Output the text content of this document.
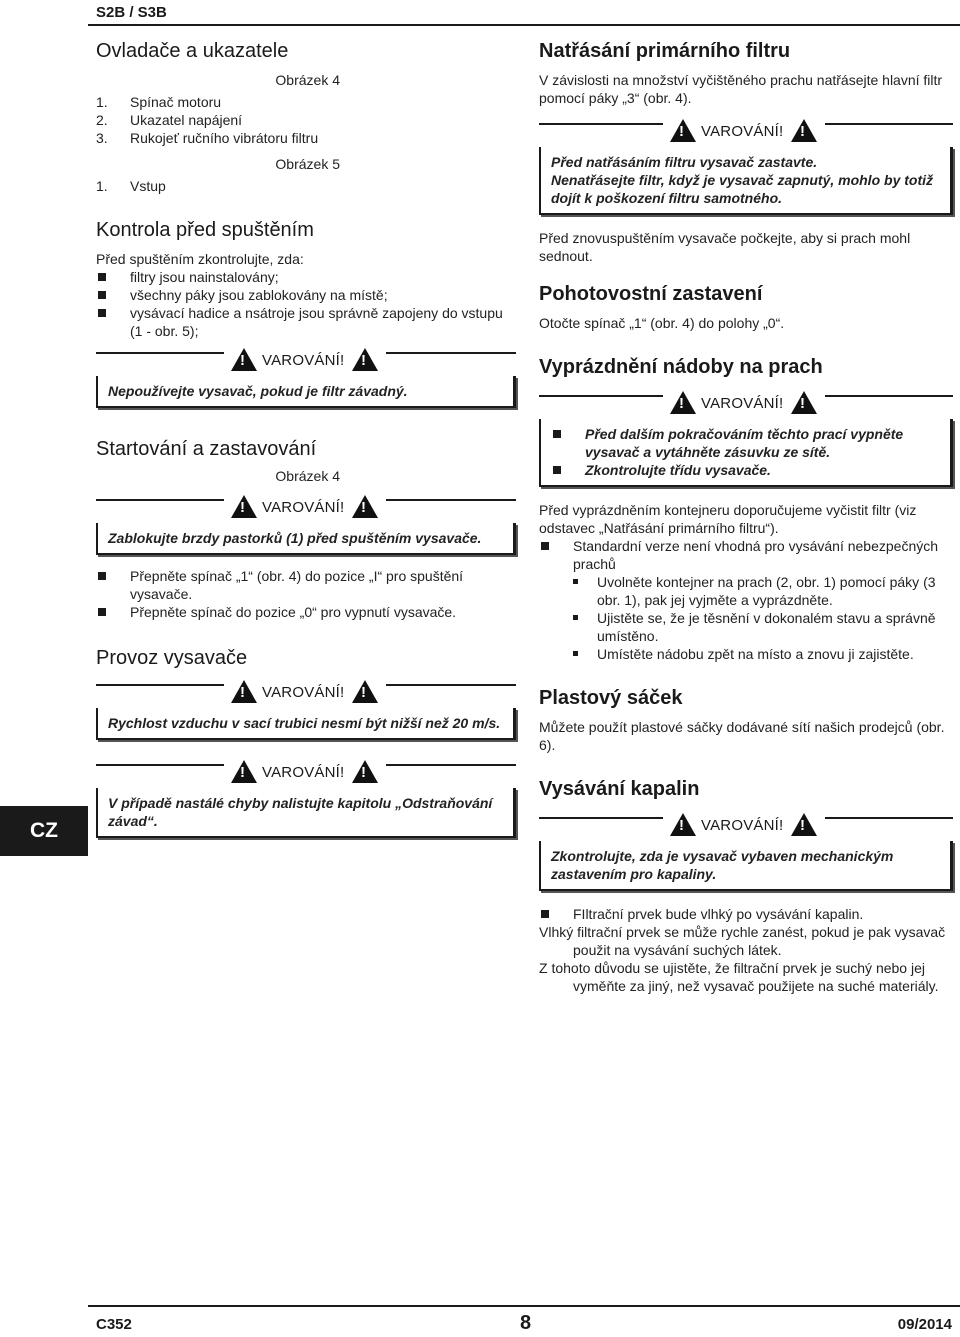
S2B / S3B
Ovladače a ukazatele
Obrázek 4
1. Spínač motoru
2. Ukazatel napájení
3. Rukojeť ručního vibrátoru filtru
Obrázek 5
1. Vstup
Kontrola před spuštěním
Před spuštěním zkontrolujte, zda:
filtry jsou nainstalovány;
všechny páky jsou zablokovány na místě;
vysávací hadice a nsátroje jsou správně zapojeny do vstupu (1 - obr. 5);
!
VAROVÁNÍ!
!
Nepoužívejte vysavač, pokud je filtr závadný.
Startování a zastavování
Obrázek 4
!
VAROVÁNÍ!
!
Zablokujte brzdy pastorků (1) před spuštěním vysavače.
Přepněte spínač „1“ (obr. 4) do pozice „I“ pro spuštění vysavače.
Přepněte spínač do pozice „0“ pro vypnutí vysavače.
Provoz vysavače
!
VAROVÁNÍ!
!
Rychlost vzduchu v sací trubici nesmí být nižší než 20 m/s.
!
VAROVÁNÍ!
!
V případě nastálé chyby nalistujte kapitolu „Odstraňování závad“.
Natřásání primárního filtru
V závislosti na množství vyčištěného prachu natřásejte hlavní filtr pomocí páky „3“ (obr. 4).
!
VAROVÁNÍ!
!
Před natřásáním filtru vysavač zastavte.
Nenatřásejte filtr, když je vysavač zapnutý, mohlo by totiž dojít k poškození filtru samotného.
Před znovuspuštěním vysavače počkejte, aby si prach mohl sednout.
Pohotovostní zastavení
Otočte spínač „1“ (obr. 4) do polohy „0“.
Vyprázdnění nádoby na prach
!
VAROVÁNÍ!
!
Před dalším pokračováním těchto prací vypněte vysavač a vytáhněte zásuvku ze sítě.
Zkontrolujte třídu vysavače.
Před vyprázdněním kontejneru doporučujeme vyčistit filtr (viz odstavec „Natřásání primárního filtru“).
Standardní verze není vhodná pro vysávání nebezpečných prachů
Uvolněte kontejner na prach (2, obr. 1) pomocí páky (3 obr. 1), pak jej vyjměte a vyprázdněte.
Ujistěte se, že je těsnění v dokonalém stavu a správně umístěno.
Umístěte nádobu zpět na místo a znovu ji zajistěte.
Plastový sáček
Můžete použít plastové sáčky dodávané sítí našich prodejců (obr. 6).
Vysávání kapalin
!
VAROVÁNÍ!
!
Zkontrolujte, zda je vysavač vybaven mechanickým zastavením pro kapaliny.
FIltrační prvek bude vlhký po vysávání kapalin.
Vlhký filtrační prvek se může rychle zanést, pokud je pak vysavač použit na vysávání suchých látek.
Z tohoto důvodu se ujistěte, že filtrační prvek je suchý nebo jej vyměňte za jiný, než vysavač použijete na suché materiály.
CZ
C352	8	09/2014
